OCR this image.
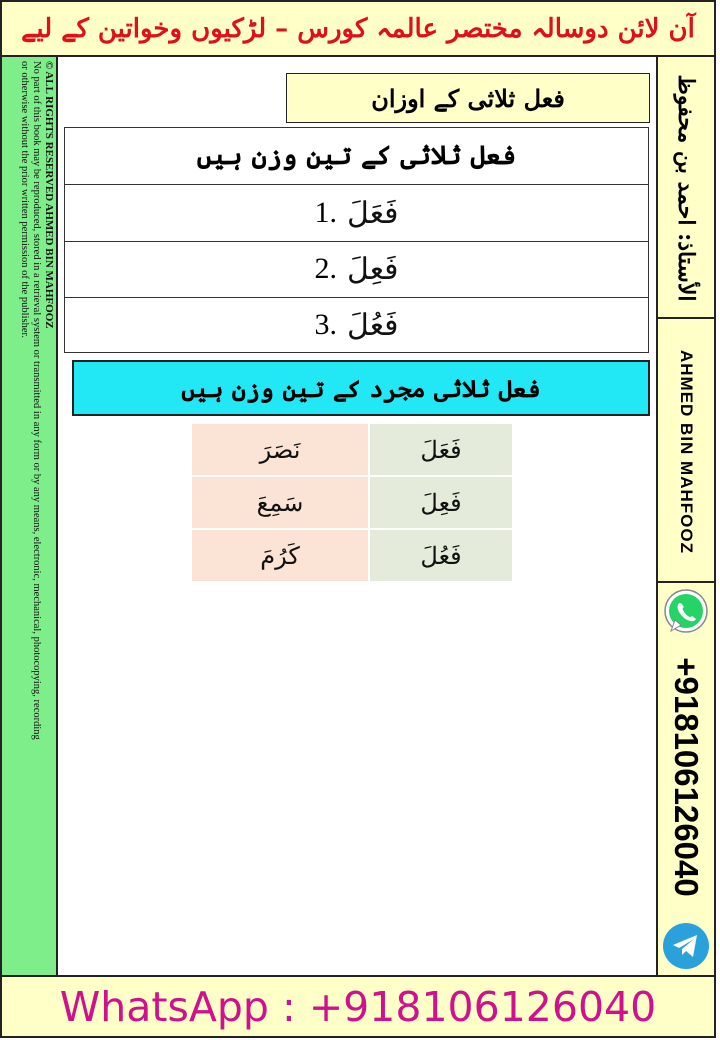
آن لائن دوسالہ مختصر عالمہ کورس – لڑکیوں وخواتین کے لیے
© ALL RIGHTS RESERVED AHMED BIN MAHFOOZ
No part of this book may be reproduced, stored in a retrieval system or transmitted in any form or by any means, electronic, mechanical, photocopying, recording
or otherwise without the prior written permission of the publisher.	الأستاذ: احمد بن محفوظ
AHMED BIN MAHFOOZ
+918106126040
WhatsApp : +918106126040
فعل ثلاثی کے اوزان
فعل ثلاثی کے تین وزن ہیں
1. فَعَلَ
2. فَعِلَ
3. فَعُلَ
فعل ثلاثی مجرد کے تین وزن ہیں
نَصَرَ	فَعَلَ
سَمِعَ	فَعِلَ
كَرُمَ	فَعُلَ
